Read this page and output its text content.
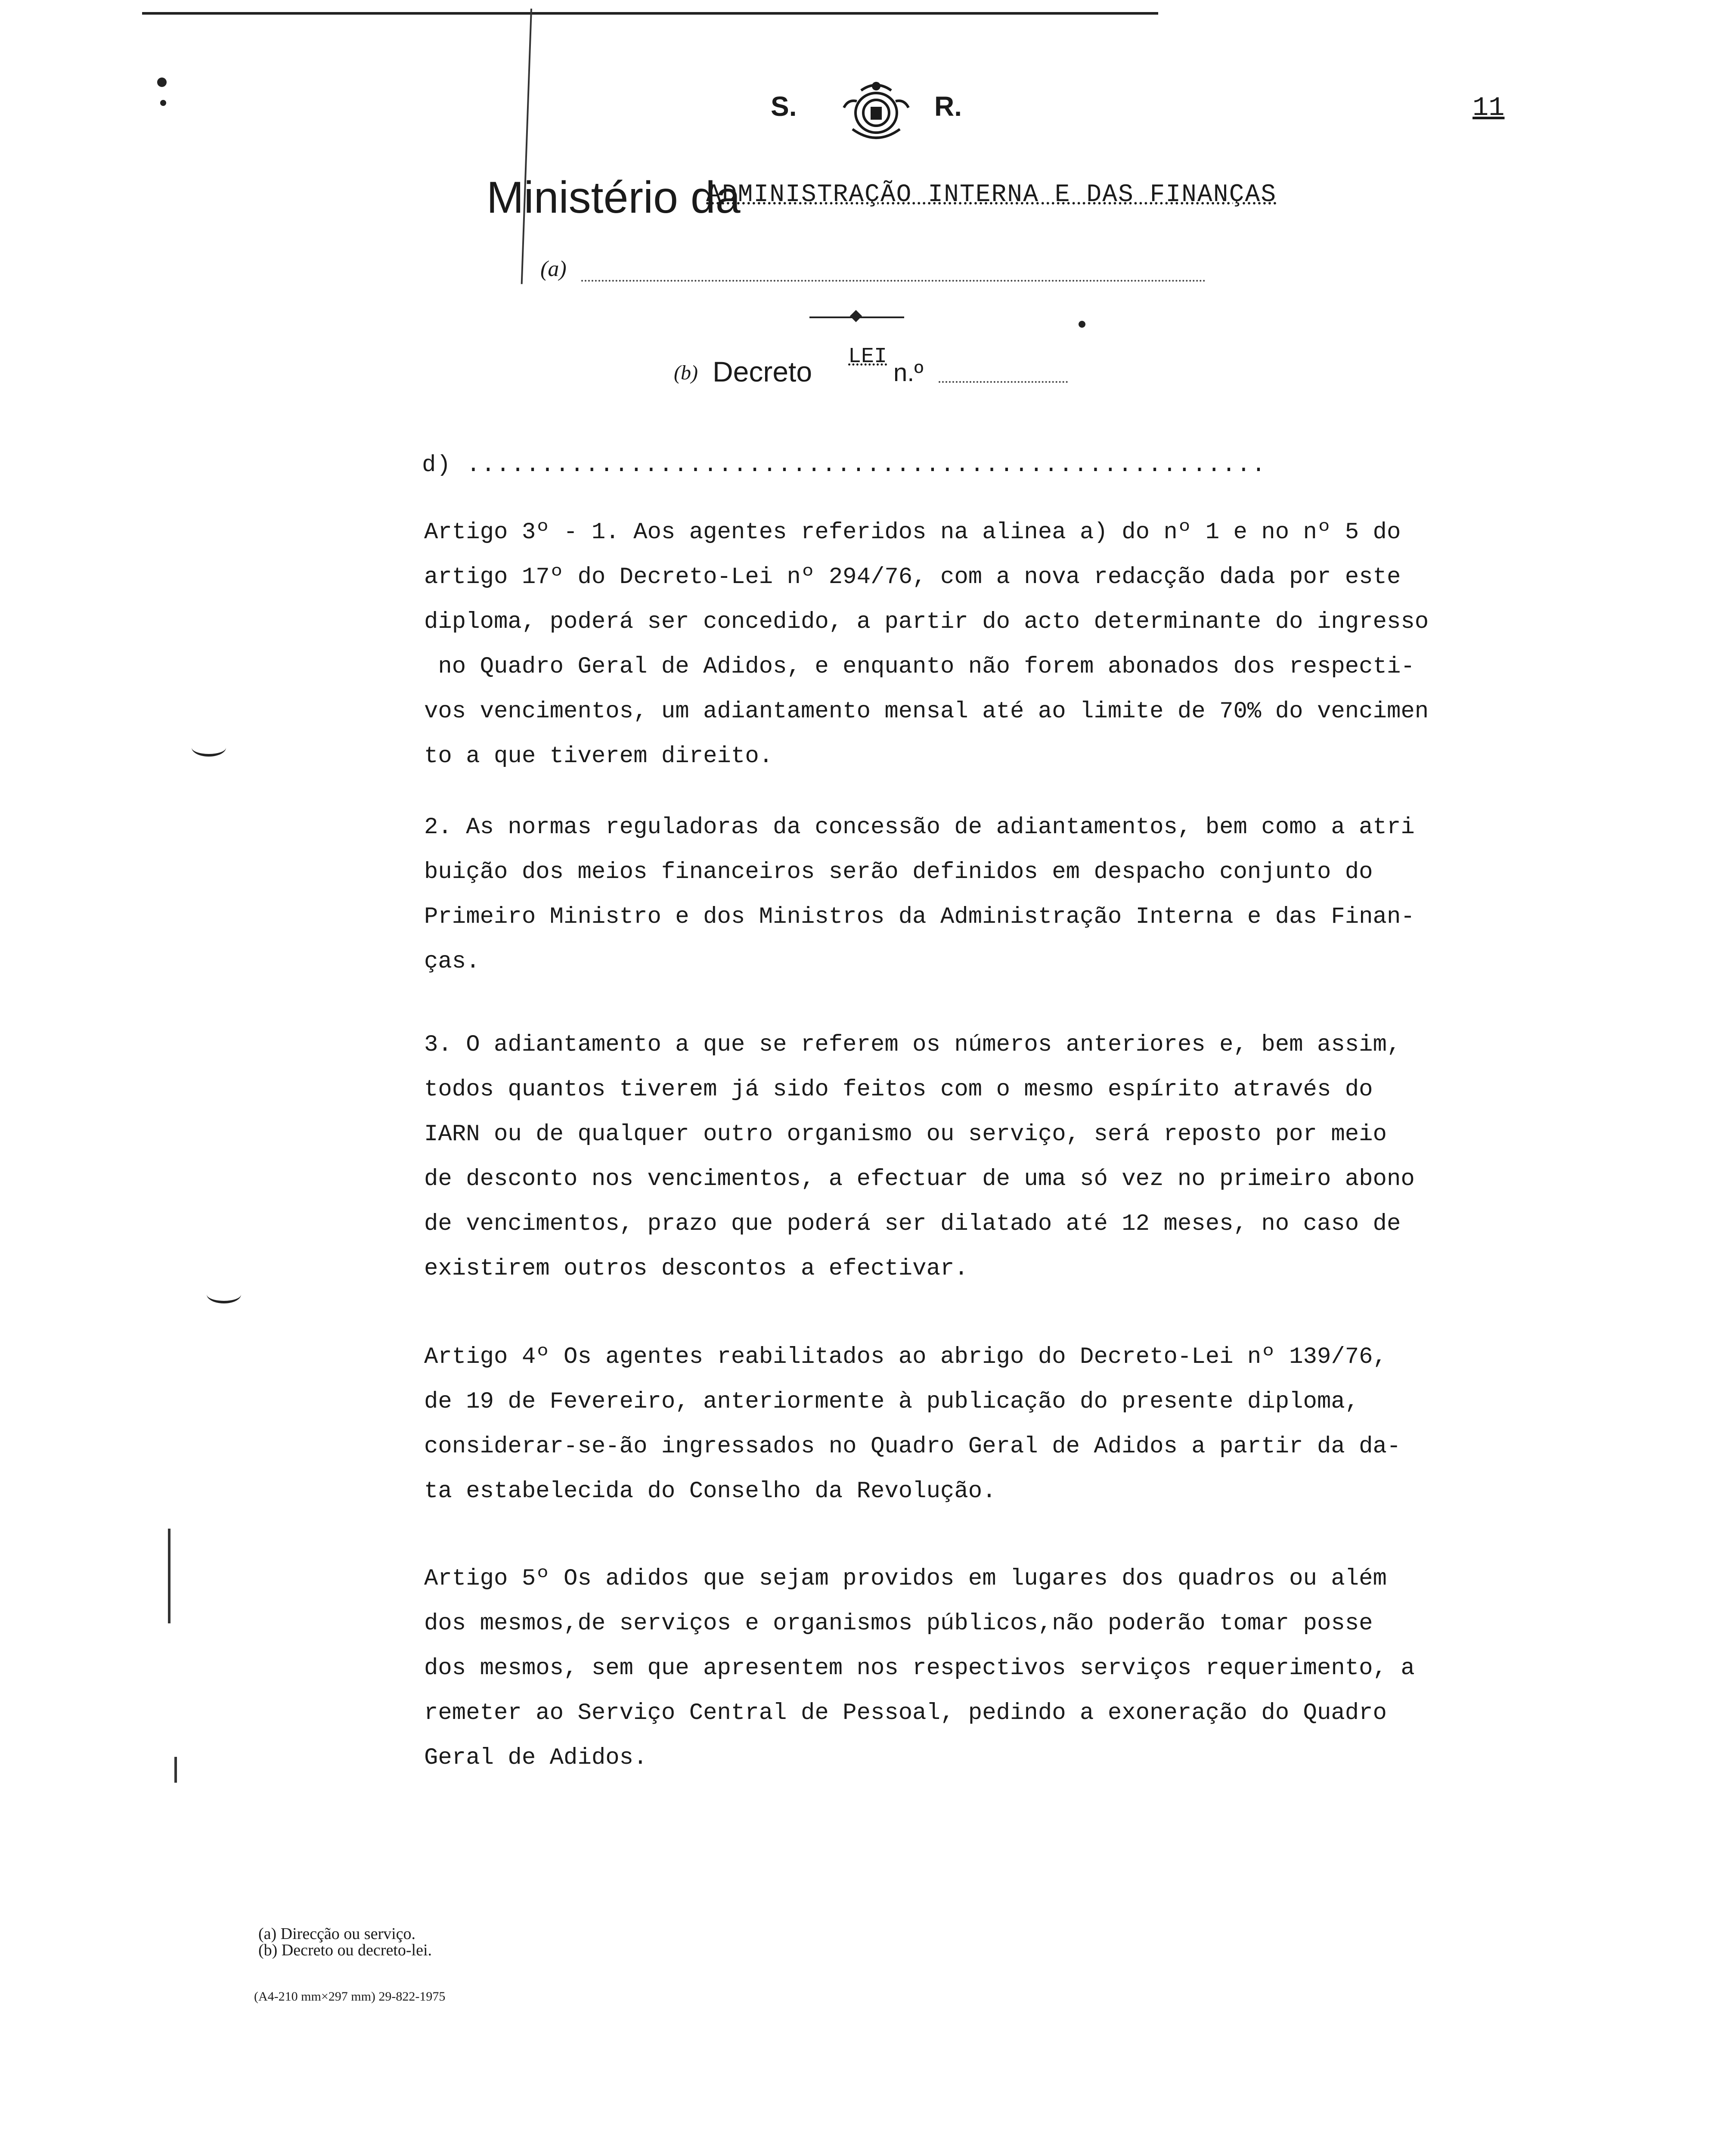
S.	R.	11
Ministério da
ADMINISTRAÇÃO INTERNA E DAS FINANÇAS
(a)
(b) Decreto LEI
n.º
d) ......................................................
Artigo 3º - 1. Aos agentes referidos na alinea a) do nº 1 e no nº 5 do
artigo 17º do Decreto-Lei nº 294/76, com a nova redacção dada por este
diploma, poderá ser concedido, a partir do acto determinante do ingresso
no Quadro Geral de Adidos, e enquanto não forem abonados dos respecti-
vos vencimentos, um adiantamento mensal até ao limite de 70% do vencimen
to a que tiverem direito.
2. As normas reguladoras da concessão de adiantamentos, bem como a atri
buição dos meios financeiros serão definidos em despacho conjunto do
Primeiro Ministro e dos Ministros da Administração Interna e das Finan-
ças.
3. O adiantamento a que se referem os números anteriores e, bem assim,
todos quantos tiverem já sido feitos com o mesmo espírito através do
IARN ou de qualquer outro organismo ou serviço, será reposto por meio
de desconto nos vencimentos, a efectuar de uma só vez no primeiro abono
de vencimentos, prazo que poderá ser dilatado até 12 meses, no caso de
existirem outros descontos a efectivar.
Artigo 4º Os agentes reabilitados ao abrigo do Decreto-Lei nº 139/76,
de 19 de Fevereiro, anteriormente à publicação do presente diploma,
considerar-se-ão ingressados no Quadro Geral de Adidos a partir da da-
ta estabelecida do Conselho da Revolução.
Artigo 5º Os adidos que sejam providos em lugares dos quadros ou além
dos mesmos,de serviços e organismos públicos,não poderão tomar posse
dos mesmos, sem que apresentem nos respectivos serviços requerimento, a
remeter ao Serviço Central de Pessoal, pedindo a exoneração do Quadro
Geral de Adidos.
(a) Direcção ou serviço.
(b) Decreto ou decreto-lei.
(A4-210 mm×297 mm) 29-822-1975
